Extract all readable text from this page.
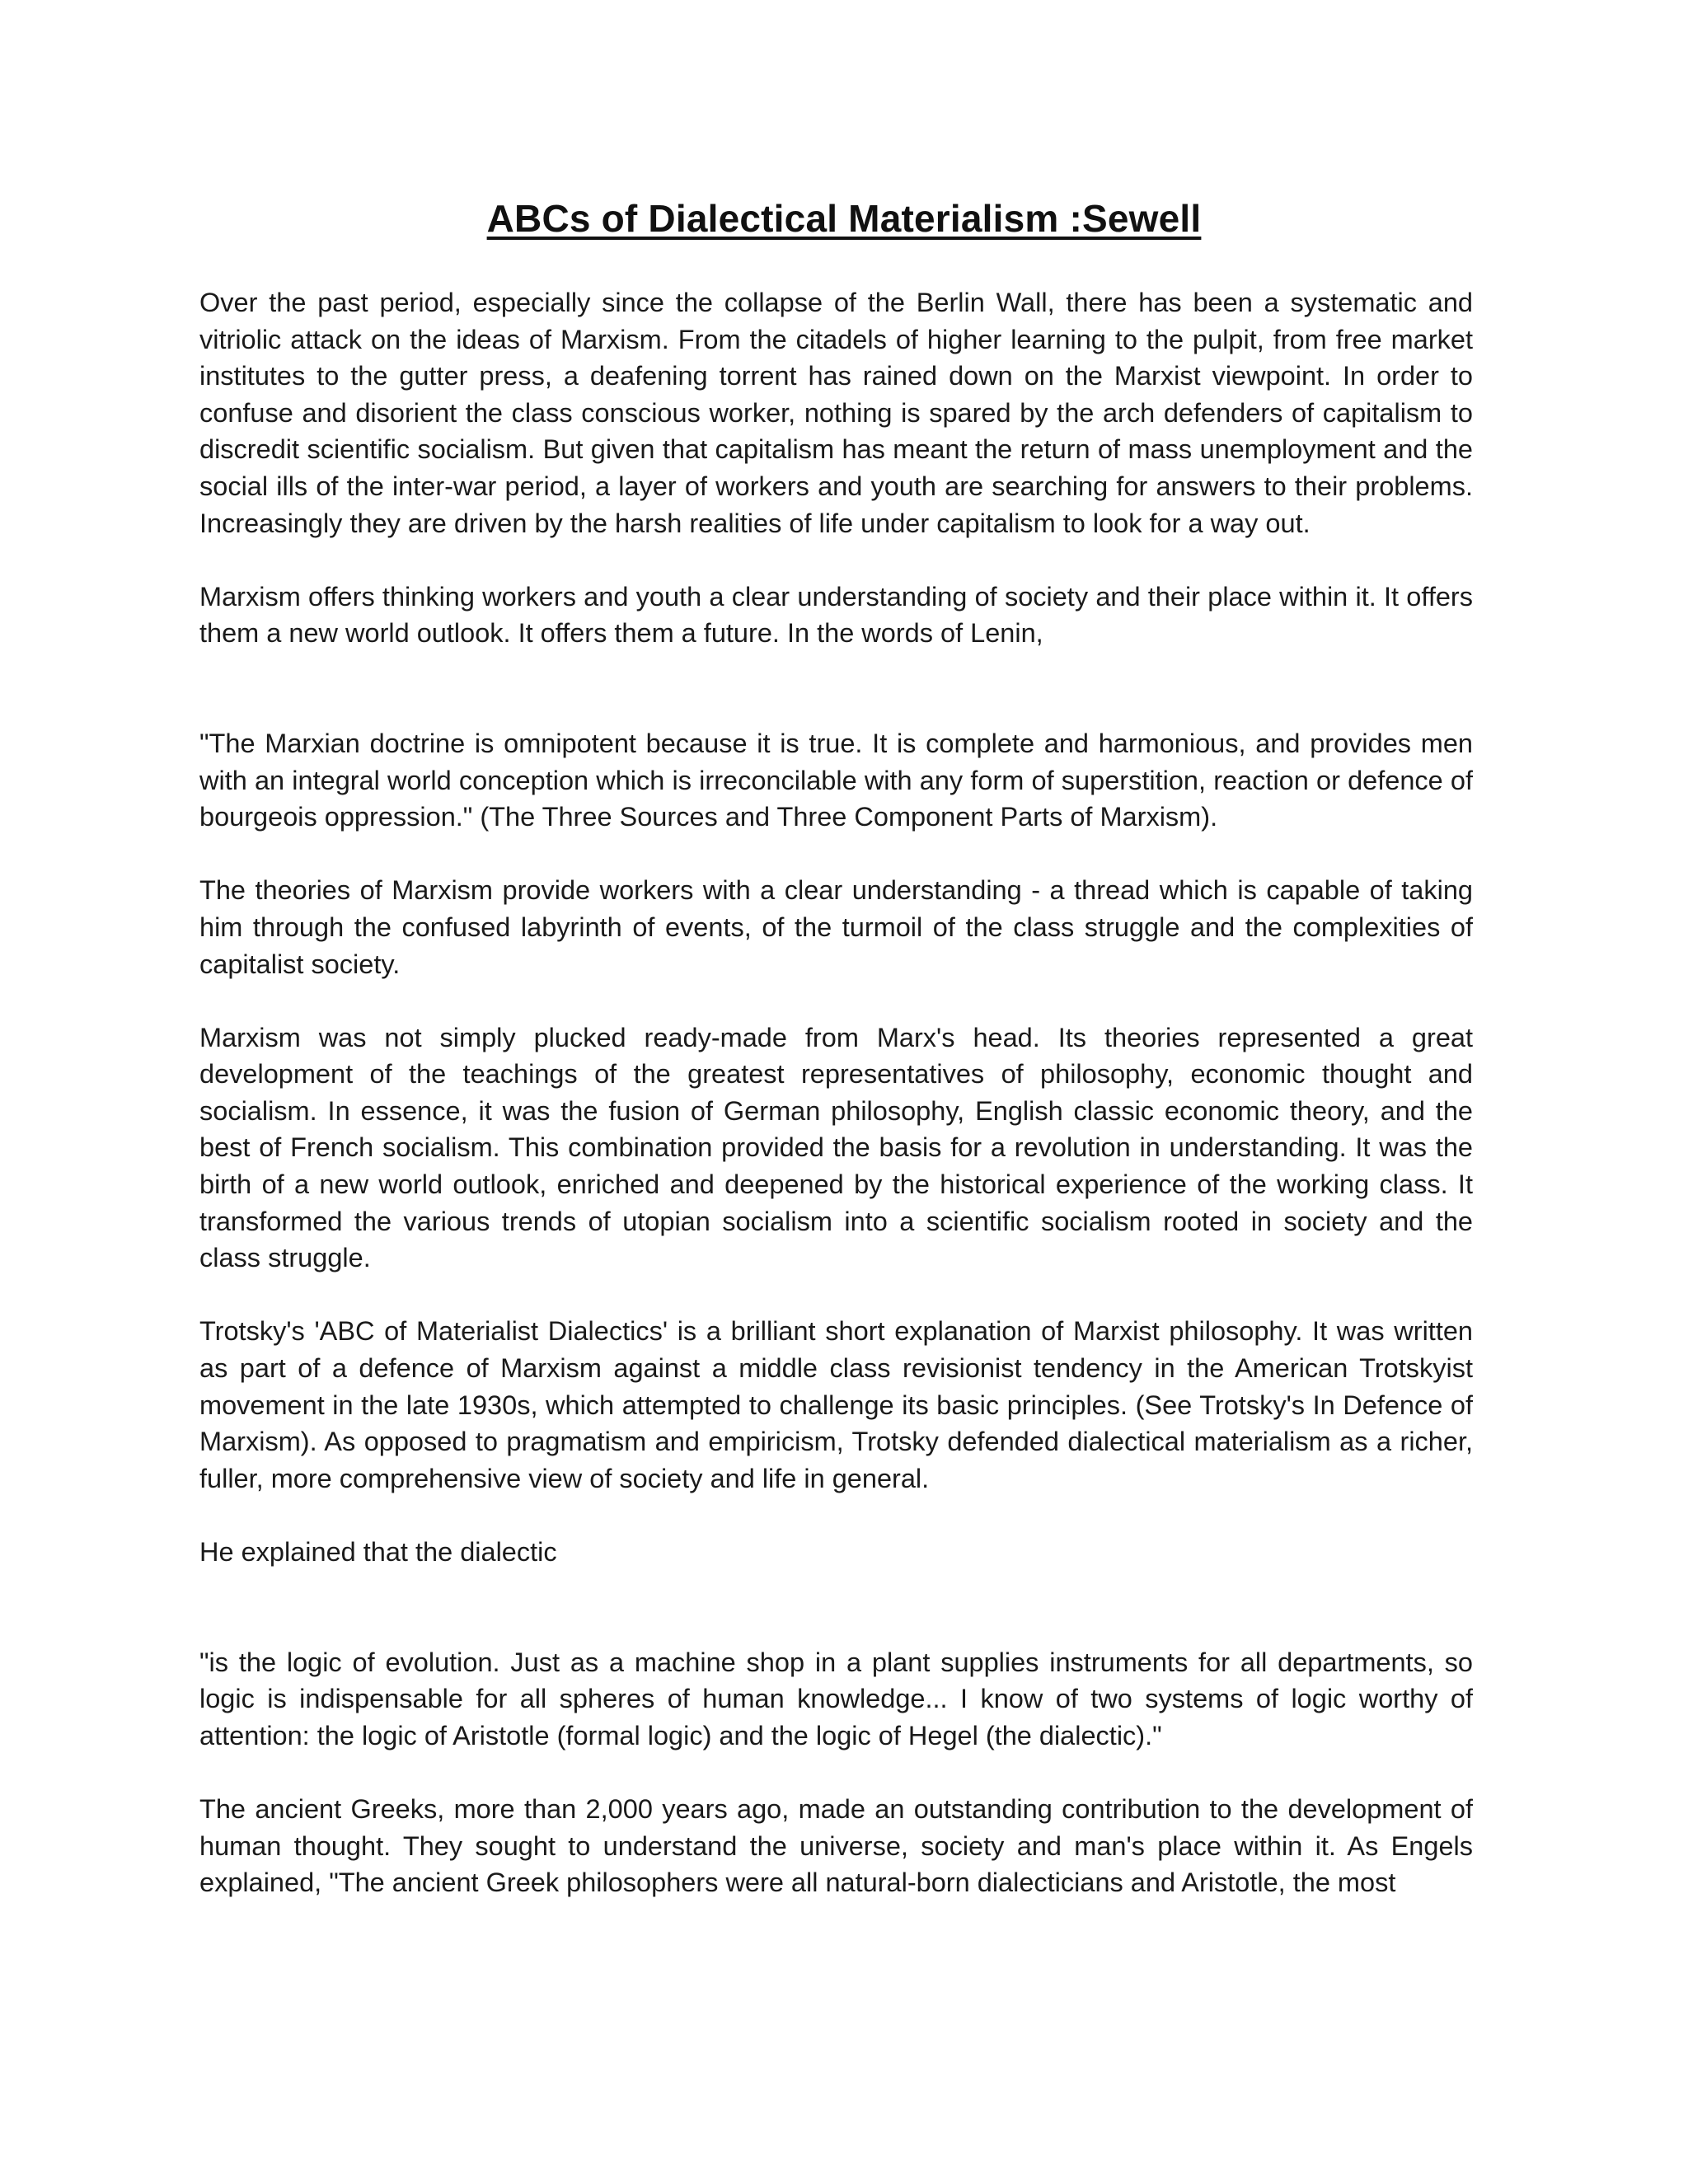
ABCs of Dialectical Materialism :Sewell

Over the past period, especially since the collapse of the Berlin Wall, there has been a systematic and vitriolic attack on the ideas of Marxism. From the citadels of higher learning to the pulpit, from free market institutes to the gutter press, a deafening torrent has rained down on the Marxist viewpoint. In order to confuse and disorient the class conscious worker, nothing is spared by the arch defenders of capitalism to discredit scientific socialism. But given that capitalism has meant the return of mass unemployment and the social ills of the inter-war period, a layer of workers and youth are searching for answers to their problems. Increasingly they are driven by the harsh realities of life under capitalism to look for a way out.

Marxism offers thinking workers and youth a clear understanding of society and their place within it. It offers them a new world outlook. It offers them a future. In the words of Lenin,

"The Marxian doctrine is omnipotent because it is true. It is complete and harmonious, and provides men with an integral world conception which is irreconcilable with any form of superstition, reaction or defence of bourgeois oppression." (The Three Sources and Three Component Parts of Marxism).

The theories of Marxism provide workers with a clear understanding - a thread which is capable of taking him through the confused labyrinth of events, of the turmoil of the class struggle and the complexities of capitalist society.

Marxism was not simply plucked ready-made from Marx's head. Its theories represented a great development of the teachings of the greatest representatives of philosophy, economic thought and socialism. In essence, it was the fusion of German philosophy, English classic economic theory, and the best of French socialism. This combination provided the basis for a revolution in understanding. It was the birth of a new world outlook, enriched and deepened by the historical experience of the working class. It transformed the various trends of utopian socialism into a scientific socialism rooted in society and the class struggle.

Trotsky's 'ABC of Materialist Dialectics' is a brilliant short explanation of Marxist philosophy. It was written as part of a defence of Marxism against a middle class revisionist tendency in the American Trotskyist movement in the late 1930s, which attempted to challenge its basic principles. (See Trotsky's In Defence of Marxism). As opposed to pragmatism and empiricism, Trotsky defended dialectical materialism as a richer, fuller, more comprehensive view of society and life in general.

He explained that the dialectic

"is the logic of evolution. Just as a machine shop in a plant supplies instruments for all departments, so logic is indispensable for all spheres of human knowledge... I know of two systems of logic worthy of attention: the logic of Aristotle (formal logic) and the logic of Hegel (the dialectic)."

The ancient Greeks, more than 2,000 years ago, made an outstanding contribution to the development of human thought. They sought to understand the universe, society and man's place within it. As Engels explained, "The ancient Greek philosophers were all natural-born dialecticians and Aristotle, the most
